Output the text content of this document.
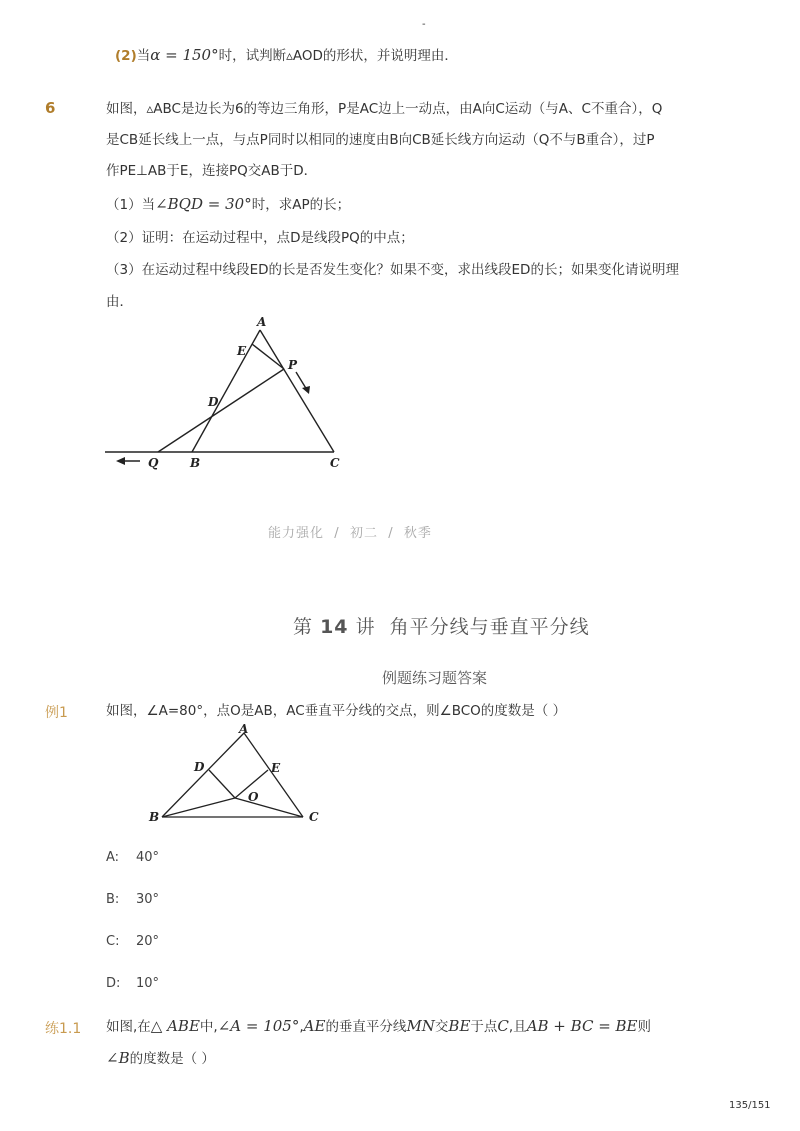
-
(2)当α = 150°时，试判断▵AOD的形状，并说明理由．
6	如图，▵ABC是边长为6的等边三角形，P是AC边上一动点，由A向C运动（与A、C不重合），Q
是CB延长线上一点，与点P同时以相同的速度由B向CB延长线方向运动（Q不与B重合），过P
作PE⊥AB于E，连接PQ交AB于D．
（1）当∠BQD = 30°时，求AP的长；
（2）证明：在运动过程中，点D是线段PQ的中点；
（3）在运动过程中线段ED的长是否发生变化？如果不变，求出线段ED的长；如果变化请说明理
由．
A
E
P
D
Q	B	C
能力强化 / 初二 / 秋季
第 14 讲 角平分线与垂直平分线
例题练习题答案
例1	如图，∠A=80°，点O是AB，AC垂直平分线的交点，则∠BCO的度数是（ ）
A
D	E
O
B	C
A: 40°
B: 30°
C: 20°
D: 10°
练1.1 如图,在△ ABE中,∠A = 105°,AE的垂直平分线MN交BE于点C,且AB + BC = BE则
∠B的度数是（ ）
135/151
